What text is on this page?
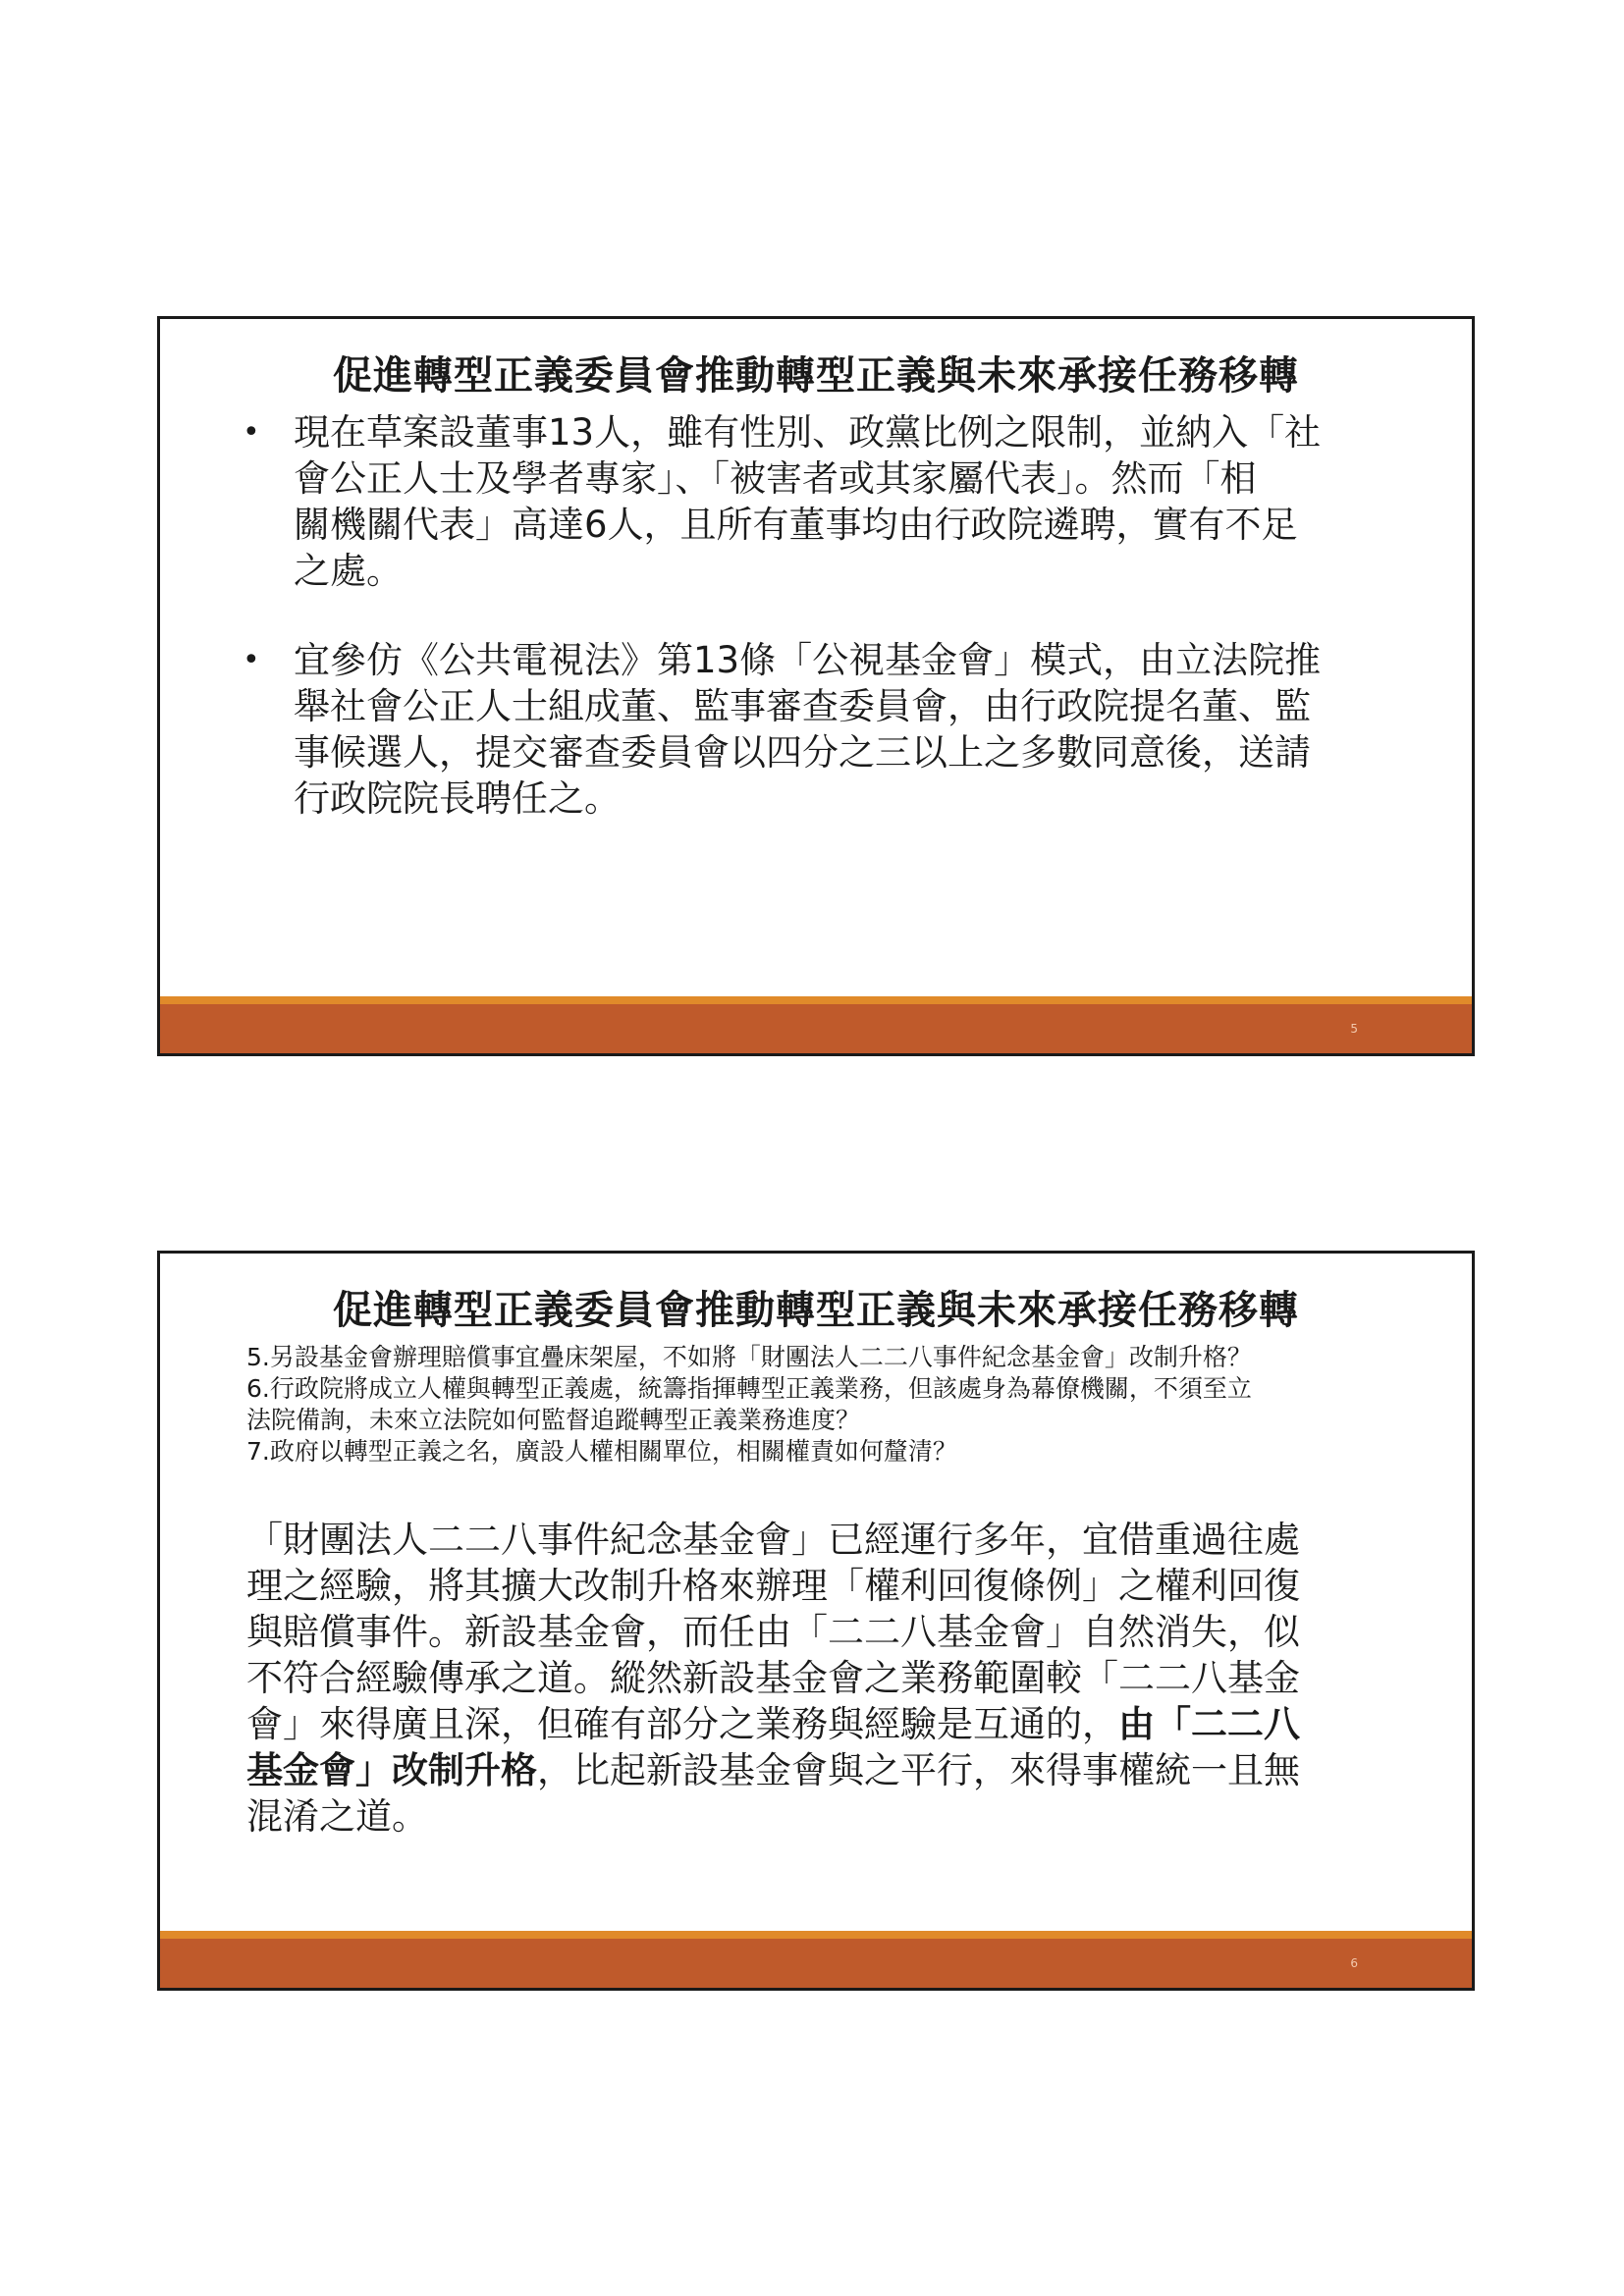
促進轉型正義委員會推動轉型正義與未來承接任務移轉
• 現在草案設董事13人，雖有性別、政黨比例之限制，並納入「社
會公正人士及學者專家」、「被害者或其家屬代表」。然而「相
關機關代表」高達6人，且所有董事均由行政院遴聘，實有不足
之處。
• 宜參仿《公共電視法》第13條「公視基金會」模式，由立法院推
舉社會公正人士組成董、監事審查委員會，由行政院提名董、監
事候選人，提交審查委員會以四分之三以上之多數同意後，送請
行政院院長聘任之。
5
促進轉型正義委員會推動轉型正義與未來承接任務移轉
5.另設基金會辦理賠償事宜疊床架屋，不如將「財團法人二二八事件紀念基金會」改制升格？
6.行政院將成立人權與轉型正義處，統籌指揮轉型正義業務，但該處身為幕僚機關，不須至立
法院備詢，未來立法院如何監督追蹤轉型正義業務進度？
7.政府以轉型正義之名，廣設人權相關單位，相關權責如何釐清？
「財團法人二二八事件紀念基金會」已經運行多年，宜借重過往處
理之經驗，將其擴大改制升格來辦理「權利回復條例」之權利回復
與賠償事件。新設基金會，而任由「二二八基金會」自然消失，似
不符合經驗傳承之道。縱然新設基金會之業務範圍較「二二八基金
會」來得廣且深，但確有部分之業務與經驗是互通的，由「二二八
基金會」改制升格，比起新設基金會與之平行，來得事權統一且無
混淆之道。
6
